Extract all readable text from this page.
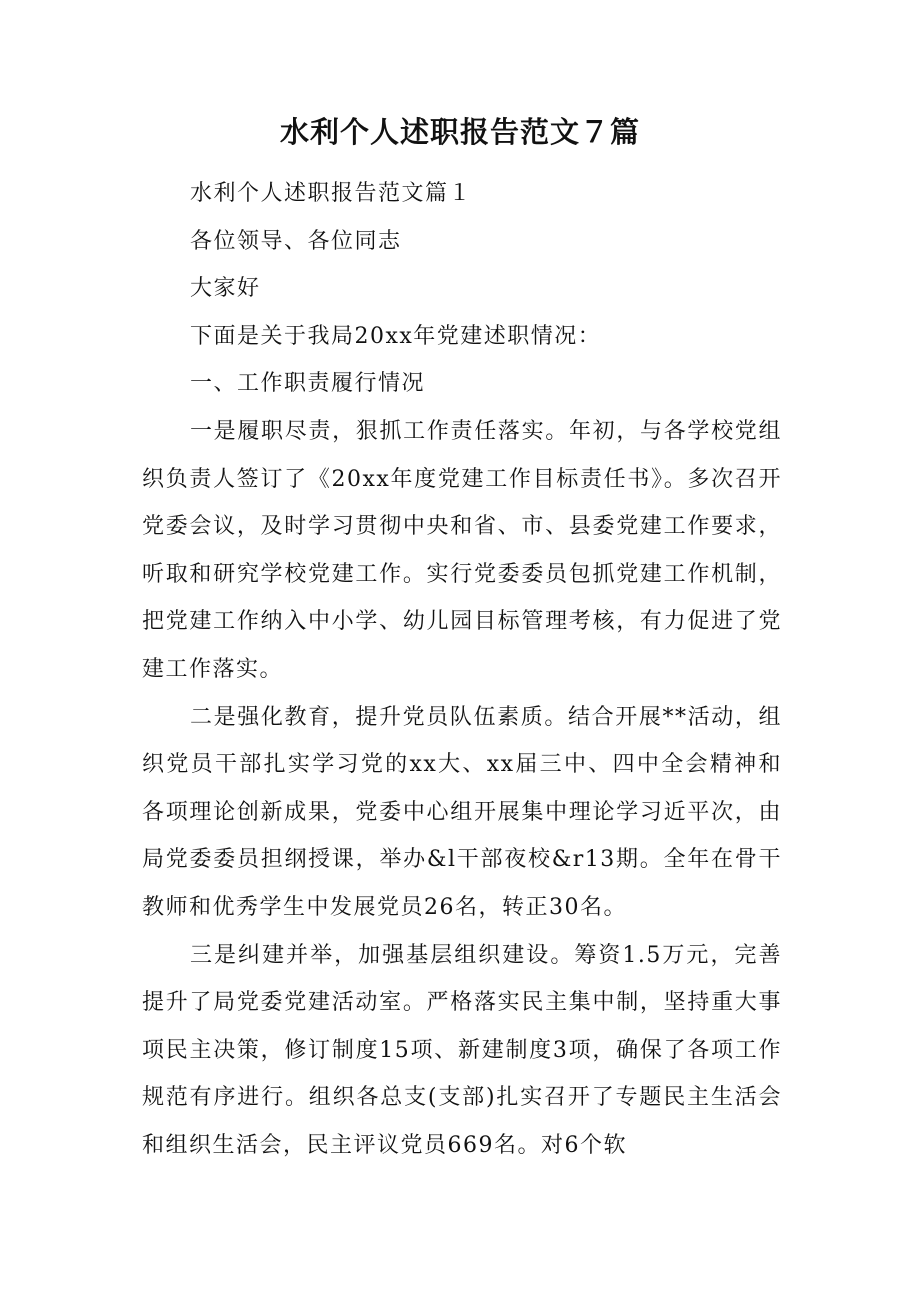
水利个人述职报告范文７篇

水利个人述职报告范文篇１

各位领导、各位同志

大家好

下面是关于我局20xx年党建述职情况：

一、工作职责履行情况

一是履职尽责，狠抓工作责任落实。年初，与各学校党组织负责人签订了《20xx年度党建工作目标责任书》。多次召开党委会议，及时学习贯彻中央和省、市、县委党建工作要求，听取和研究学校党建工作。实行党委委员包抓党建工作机制，把党建工作纳入中小学、幼儿园目标管理考核，有力促进了党建工作落实。

二是强化教育，提升党员队伍素质。结合开展**活动，组织党员干部扎实学习党的xx大、xx届三中、四中全会精神和各项理论创新成果，党委中心组开展集中理论学习近平次，由局党委委员担纲授课，举办&l干部夜校&r13期。全年在骨干教师和优秀学生中发展党员26名，转正30名。

三是纠建并举，加强基层组织建设。筹资1.5万元，完善提升了局党委党建活动室。严格落实民主集中制，坚持重大事项民主决策，修订制度15项、新建制度3项，确保了各项工作规范有序进行。组织各总支(支部)扎实召开了专题民主生活会和组织生活会，民主评议党员669名。对6个软
